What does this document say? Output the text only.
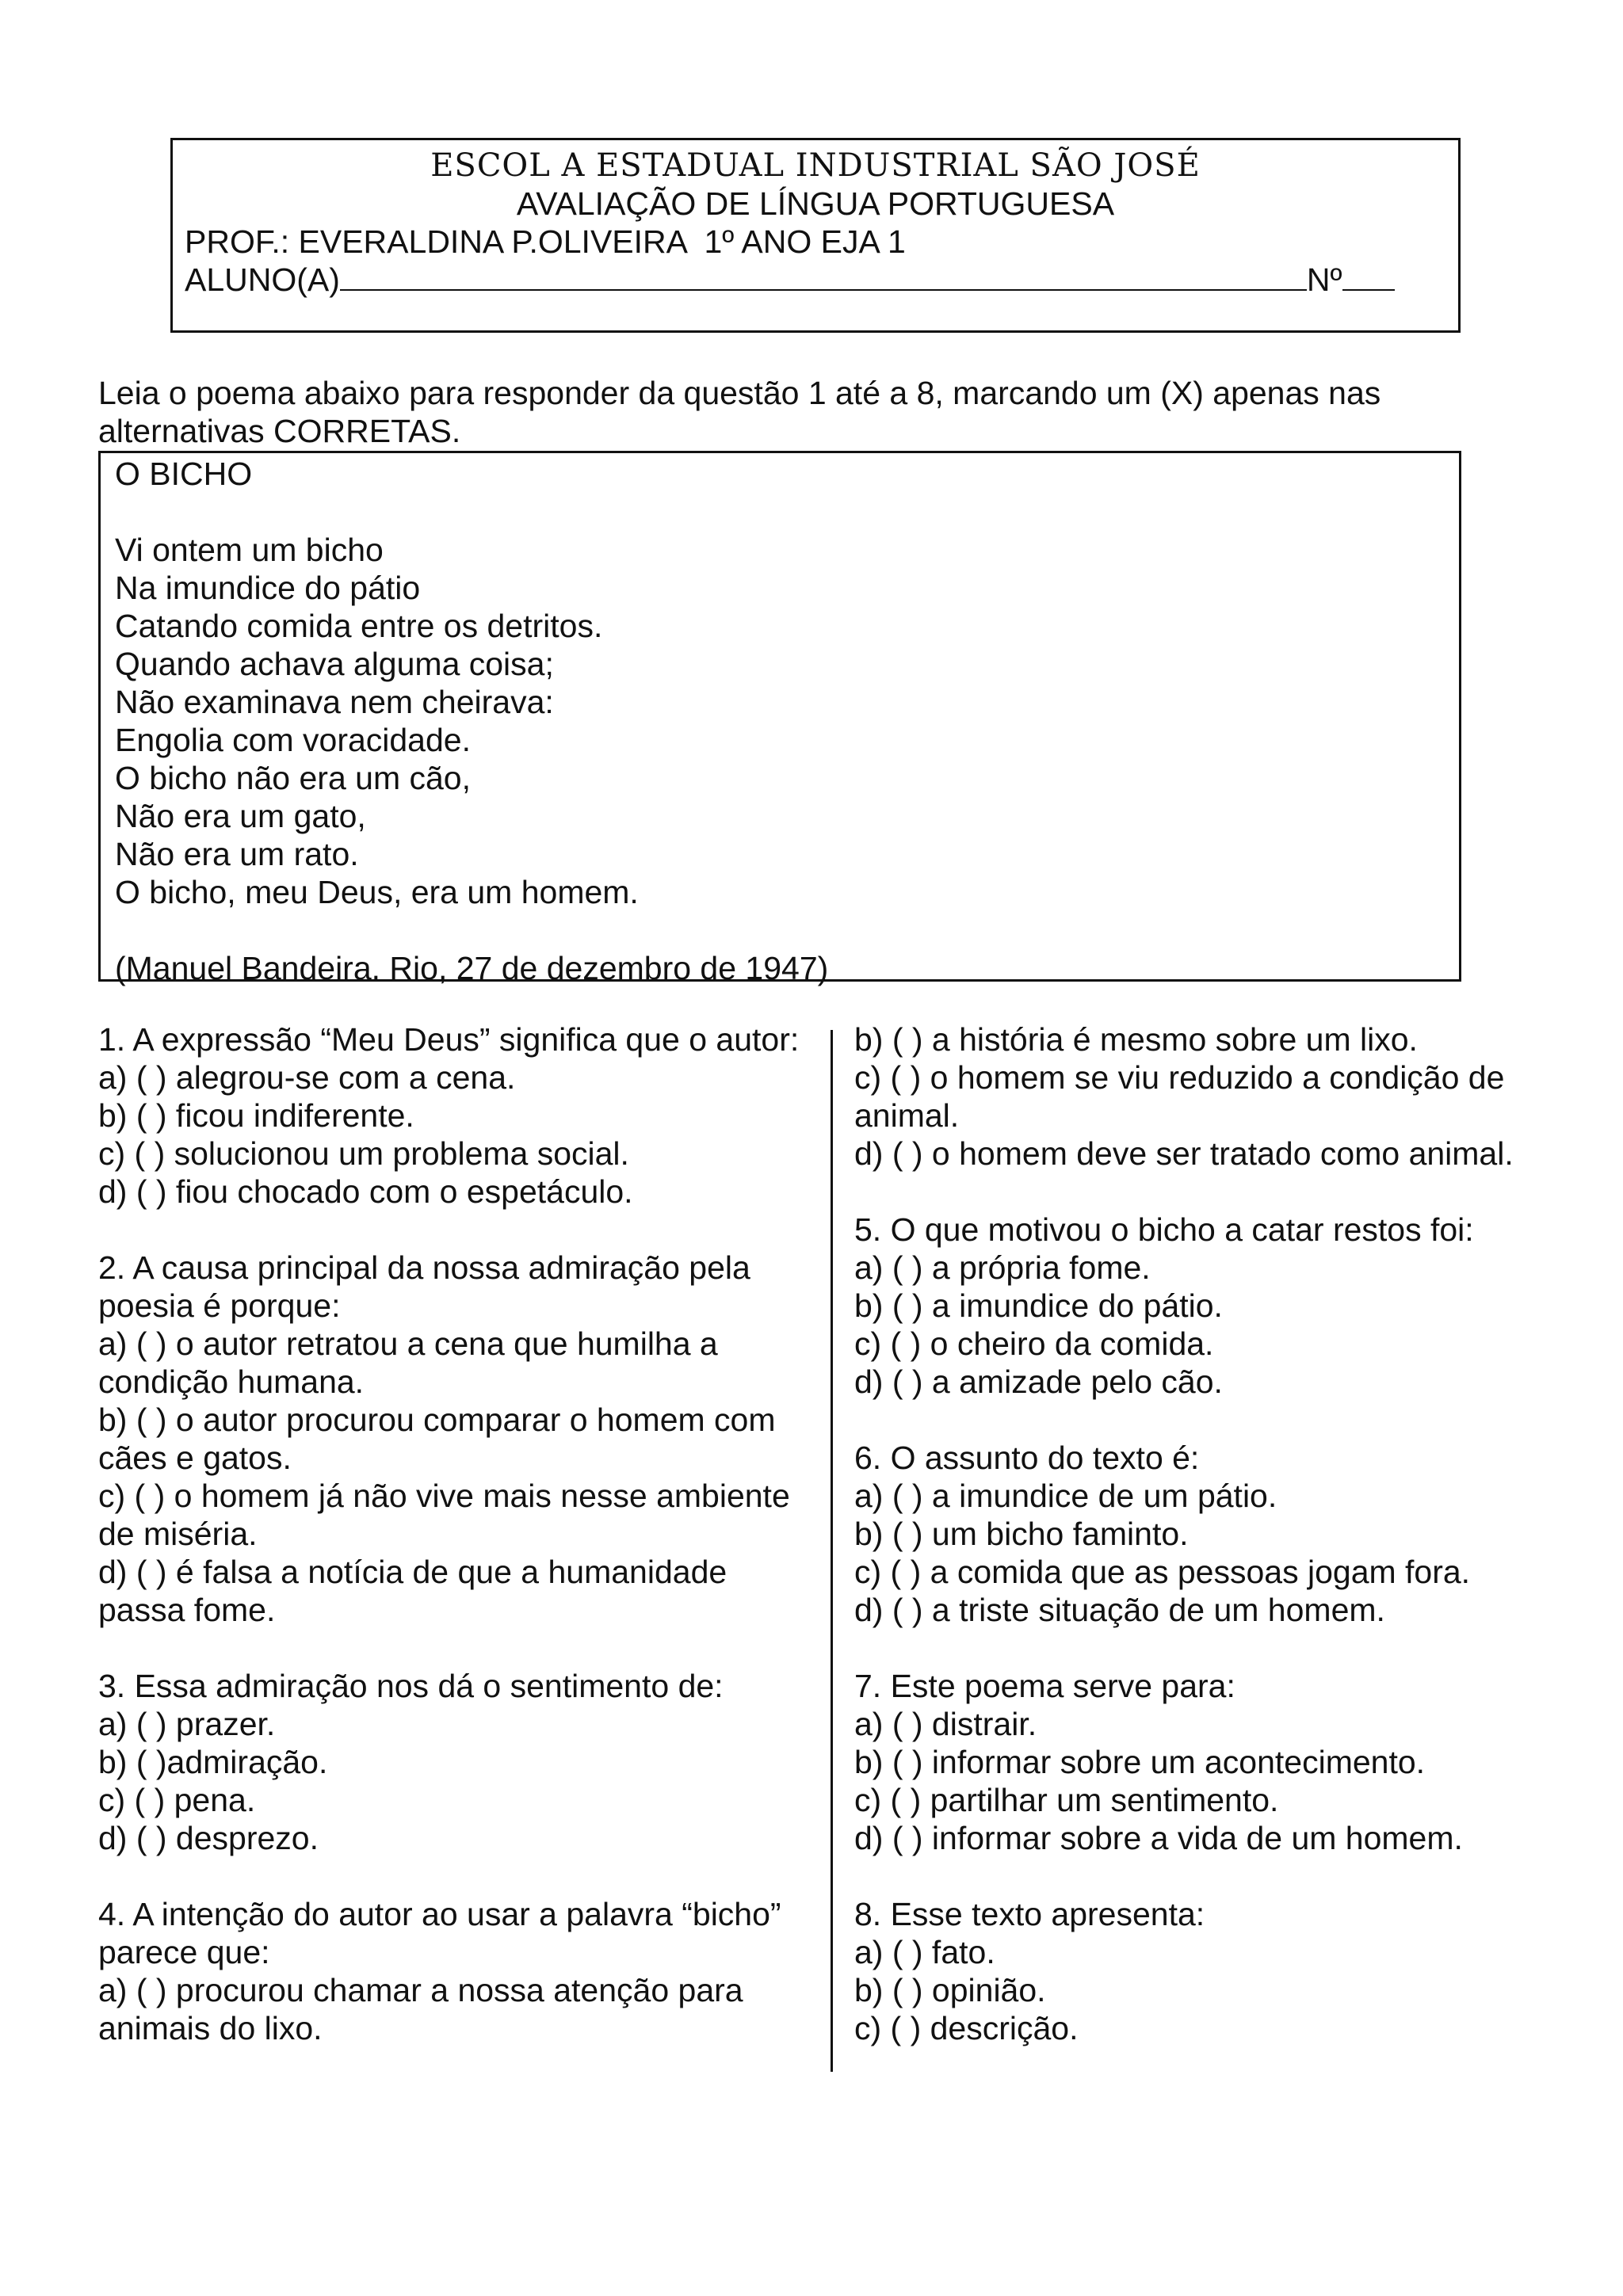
ESCOL A ESTADUAL INDUSTRIAL SÃO JOSÉ
AVALIAÇÃO DE LÍNGUA PORTUGUESA
PROF.: EVERALDINA P.OLIVEIRA  1º ANO EJA 1
ALUNO(A)	Nº
Leia o poema abaixo para responder da questão 1 até a 8, marcando um (X) apenas nas alternativas CORRETAS.
O BICHO
Vi ontem um bicho
Na imundice do pátio
Catando comida entre os detritos.
Quando achava alguma coisa;
Não examinava nem cheirava:
Engolia com voracidade.
O bicho não era um cão,
Não era um gato,
Não era um rato.
O bicho, meu Deus, era um homem.
(Manuel Bandeira. Rio, 27 de dezembro de 1947)
1. A expressão “Meu Deus” significa que o autor:
a) ( ) alegrou-se com a cena.
b) ( ) ficou indiferente.
c) ( ) solucionou um problema social.
d) ( ) fiou chocado com o espetáculo.
2. A causa principal da nossa admiração pela poesia é porque:
a) ( ) o autor retratou a cena que humilha a condição humana.
b) ( ) o autor procurou comparar o homem com cães e gatos.
c) ( ) o homem já não vive mais nesse ambiente de miséria.
d) ( ) é falsa a notícia de que a humanidade passa fome.
3. Essa admiração nos dá o sentimento de:
a) ( ) prazer.
b) ( )admiração.
c) ( ) pena.
d) ( ) desprezo.
4. A intenção do autor ao usar a palavra “bicho” parece que:
a) ( ) procurou chamar a nossa atenção para animais do lixo.
b) ( ) a história é mesmo sobre um lixo.
c) ( ) o homem se viu reduzido a condição de animal.
d) ( ) o homem deve ser tratado como animal.
5. O que motivou o bicho a catar restos foi:
a) ( ) a própria fome.
b) ( ) a imundice do pátio.
c) ( ) o cheiro da comida.
d) ( ) a amizade pelo cão.
6. O assunto do texto é:
a) ( ) a imundice de um pátio.
b) ( ) um bicho faminto.
c) ( ) a comida que as pessoas jogam fora.
d) ( ) a triste situação de um homem.
7. Este poema serve para:
a) ( ) distrair.
b) ( ) informar sobre um acontecimento.
c) ( ) partilhar um sentimento.
d) ( ) informar sobre a vida de um homem.
8. Esse texto apresenta:
a) ( ) fato.
b) ( ) opinião.
c) ( ) descrição.
